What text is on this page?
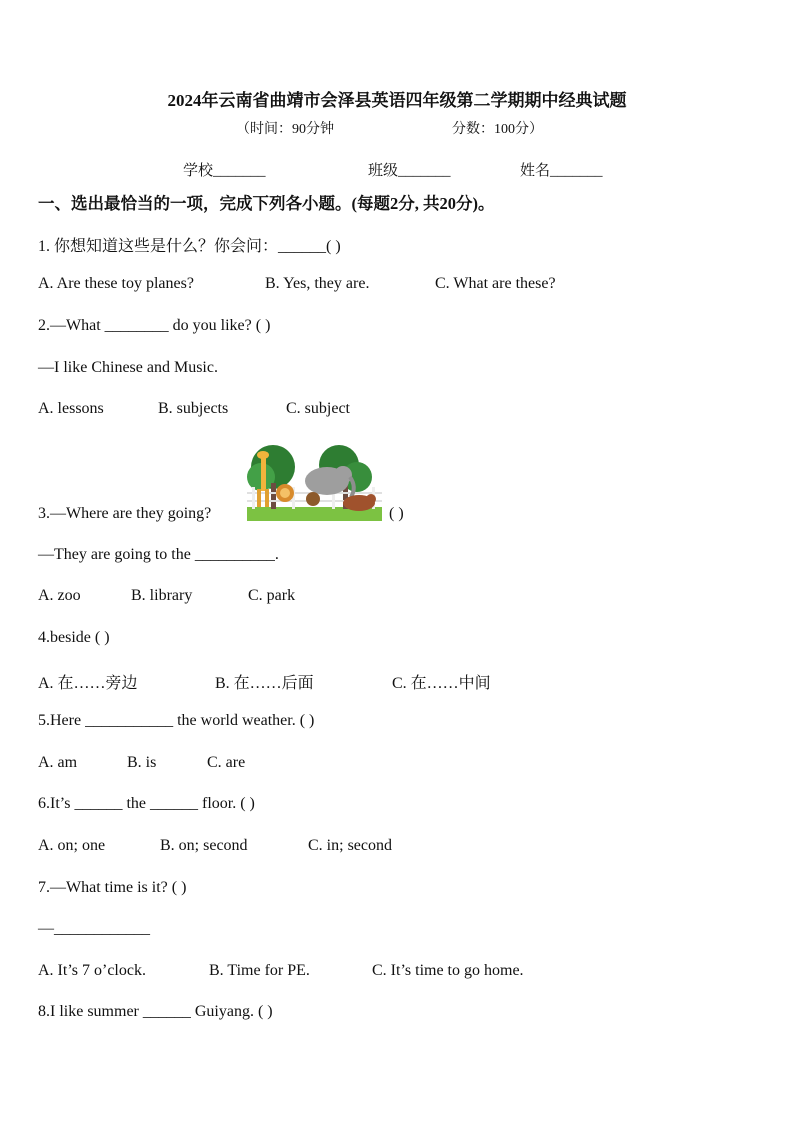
2024年云南省曲靖市会泽县英语四年级第二学期期中经典试题
（时间：90分钟	分数：100分）
学校_______	班级_______	姓名_______
一、选出最恰当的一项，完成下列各小题。(每题2分, 共20分)。
1. 你想知道这些是什么？你会问：______( )
A. Are these toy planes?	B. Yes, they are.	C. What are these?
2.—What ________ do you like? ( )
—I like Chinese and Music.
A. lessons	B. subjects	C. subject
3.—Where are they going?	( )
—They are going to the __________.
A. zoo	B. library	C. park
4.beside ( )
A. 在……旁边	B. 在……后面	C. 在……中间
5.Here ___________ the world weather. ( )
A. am	B. is	C. are
6.It’s ______ the ______ floor. ( )
A. on; one	B. on; second	C. in; second
7.—What time is it? ( )
—____________
A. It’s 7 o’clock.	B. Time for PE.	C. It’s time to go home.
8.I like summer ______ Guiyang. ( )
